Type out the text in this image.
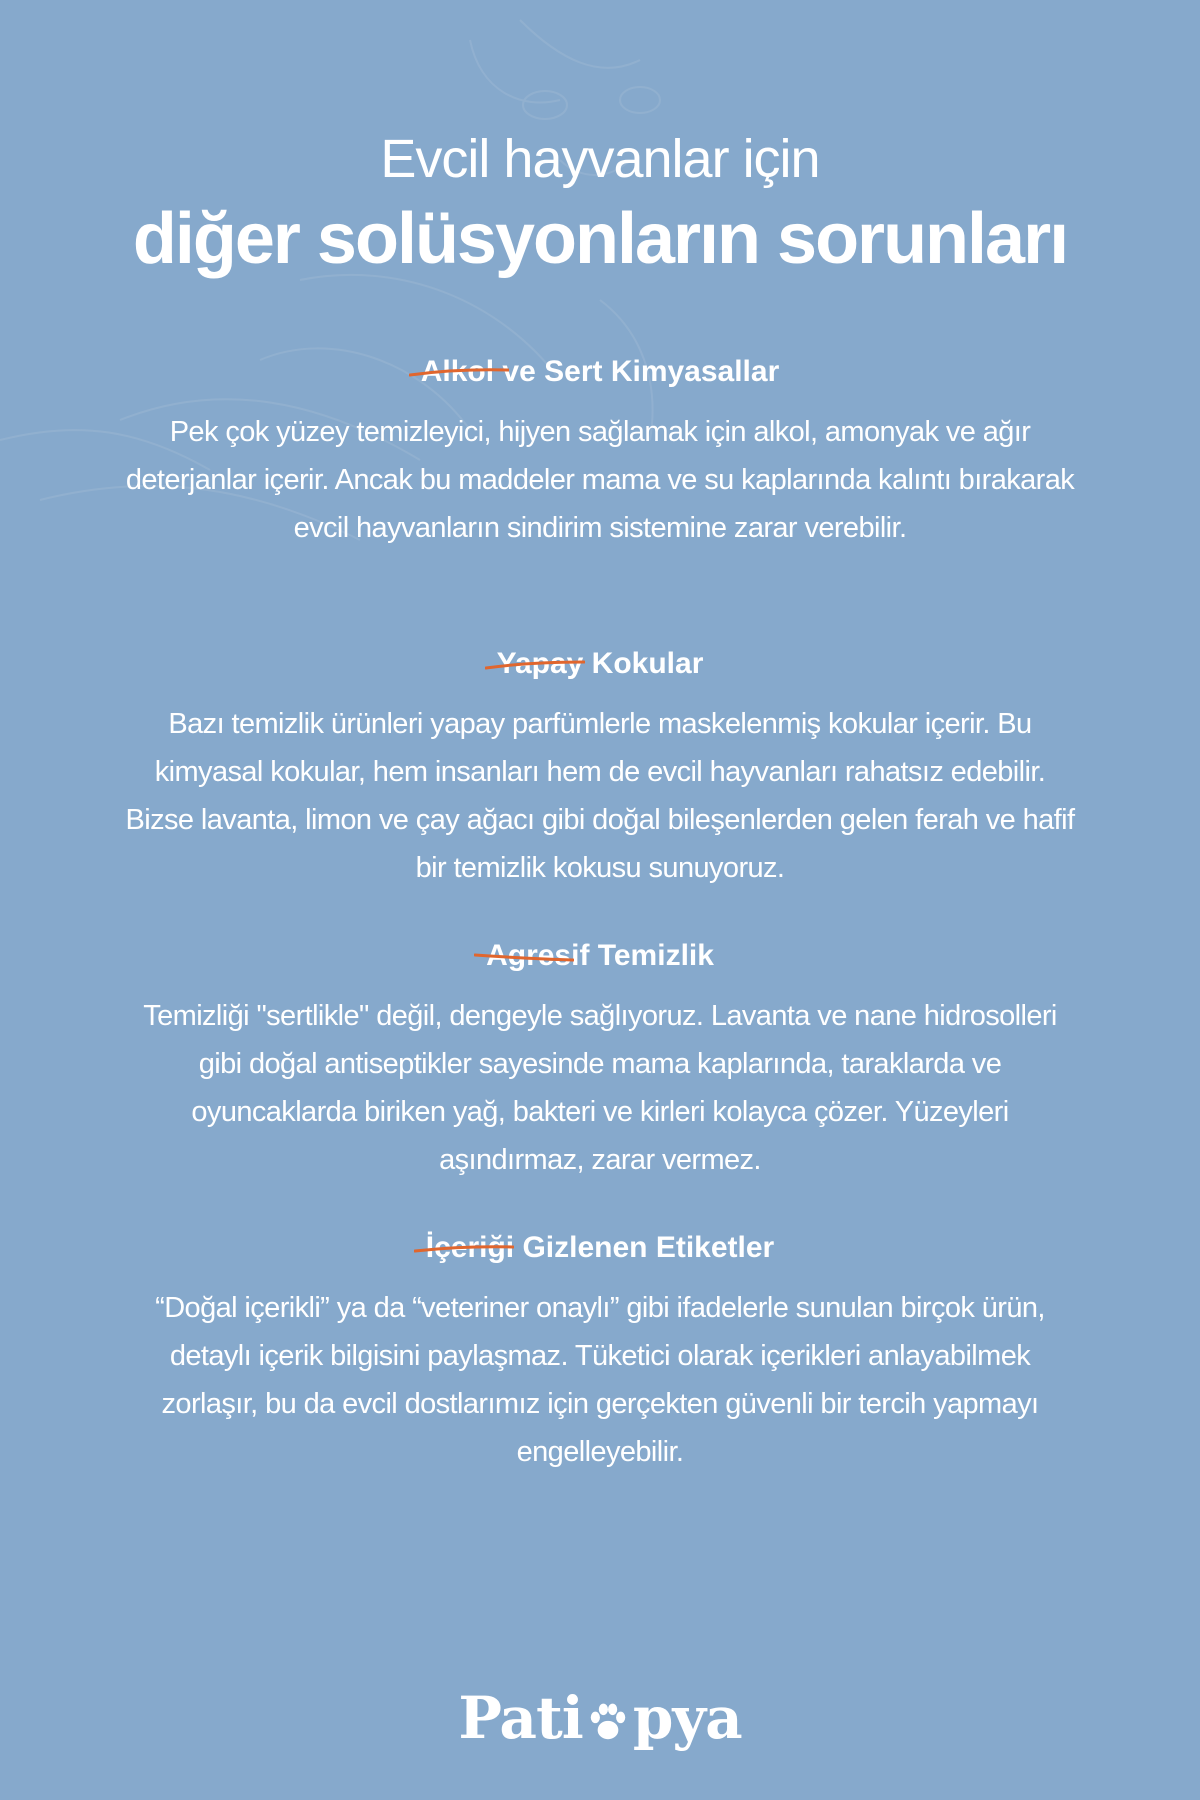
Evcil hayvanlar için
diğer solüsyonların sorunları
Alkol ve Sert Kimyasallar
Pek çok yüzey temizleyici, hijyen sağlamak için alkol, amonyak ve ağır deterjanlar içerir. Ancak bu maddeler mama ve su kaplarında kalıntı bırakarak evcil hayvanların sindirim sistemine zarar verebilir.
Yapay Kokular
Bazı temizlik ürünleri yapay parfümlerle maskelenmiş kokular içerir. Bu kimyasal kokular, hem insanları hem de evcil hayvanları rahatsız edebilir. Bizse lavanta, limon ve çay ağacı gibi doğal bileşenlerden gelen ferah ve hafif bir temizlik kokusu sunuyoruz.
Agresif Temizlik
Temizliği "sertlikle" değil, dengeyle sağlıyoruz. Lavanta ve nane hidrosolleri gibi doğal antiseptikler sayesinde mama kaplarında, taraklarda ve oyuncaklarda biriken yağ, bakteri ve kirleri kolayca çözer. Yüzeyleri aşındırmaz, zarar vermez.
İçeriği Gizlenen Etiketler
“Doğal içerikli” ya da “veteriner onaylı” gibi ifadelerle sunulan birçok ürün, detaylı içerik bilgisini paylaşmaz. Tüketici olarak içerikleri anlayabilmek zorlaşır, bu da evcil dostlarımız için gerçekten güvenli bir tercih yapmayı engelleyebilir.
Pati pya
